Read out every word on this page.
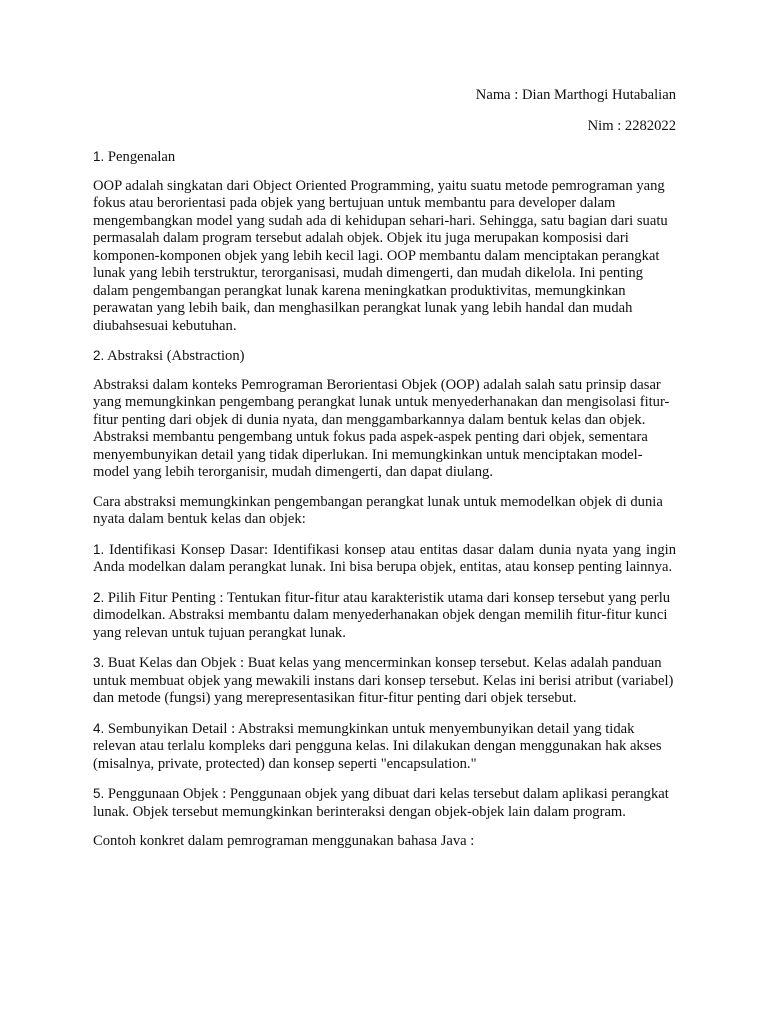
Nama : Dian Marthogi Hutabalian

Nim : 2282022

1. Pengenalan

OOP adalah singkatan dari Object Oriented Programming, yaitu suatu metode pemrograman yang fokus atau berorientasi pada objek yang bertujuan untuk membantu para developer dalam mengembangkan model yang sudah ada di kehidupan sehari-hari. Sehingga, satu bagian dari suatu permasalah dalam program tersebut adalah objek. Objek itu juga merupakan komposisi dari komponen-komponen objek yang lebih kecil lagi. OOP membantu dalam menciptakan perangkat lunak yang lebih terstruktur, terorganisasi, mudah dimengerti, dan mudah dikelola. Ini penting dalam pengembangan perangkat lunak karena meningkatkan produktivitas, memungkinkan perawatan yang lebih baik, dan menghasilkan perangkat lunak yang lebih handal dan mudah diubahsesuai kebutuhan.

2. Abstraksi (Abstraction)

Abstraksi dalam konteks Pemrograman Berorientasi Objek (OOP) adalah salah satu prinsip dasar yang memungkinkan pengembang perangkat lunak untuk menyederhanakan dan mengisolasi fitur-fitur penting dari objek di dunia nyata, dan menggambarkannya dalam bentuk kelas dan objek. Abstraksi membantu pengembang untuk fokus pada aspek-aspek penting dari objek, sementara menyembunyikan detail yang tidak diperlukan. Ini memungkinkan untuk menciptakan model-model yang lebih terorganisir, mudah dimengerti, dan dapat diulang.

Cara abstraksi memungkinkan pengembangan perangkat lunak untuk memodelkan objek di dunia nyata dalam bentuk kelas dan objek:

1. Identifikasi Konsep Dasar: Identifikasi konsep atau entitas dasar dalam dunia nyata yang ingin Anda modelkan dalam perangkat lunak. Ini bisa berupa objek, entitas, atau konsep penting lainnya.

2. Pilih Fitur Penting : Tentukan fitur-fitur atau karakteristik utama dari konsep tersebut yang perlu dimodelkan. Abstraksi membantu dalam menyederhanakan objek dengan memilih fitur-fitur kunci yang relevan untuk tujuan perangkat lunak.

3. Buat Kelas dan Objek : Buat kelas yang mencerminkan konsep tersebut. Kelas adalah panduan untuk membuat objek yang mewakili instans dari konsep tersebut. Kelas ini berisi atribut (variabel) dan metode (fungsi) yang merepresentasikan fitur-fitur penting dari objek tersebut.

4. Sembunyikan Detail : Abstraksi memungkinkan untuk menyembunyikan detail yang tidak relevan atau terlalu kompleks dari pengguna kelas. Ini dilakukan dengan menggunakan hak akses (misalnya, private, protected) dan konsep seperti "encapsulation."

5. Penggunaan Objek : Penggunaan objek yang dibuat dari kelas tersebut dalam aplikasi perangkat lunak. Objek tersebut memungkinkan berinteraksi dengan objek-objek lain dalam program.

Contoh konkret dalam pemrograman menggunakan bahasa Java :
